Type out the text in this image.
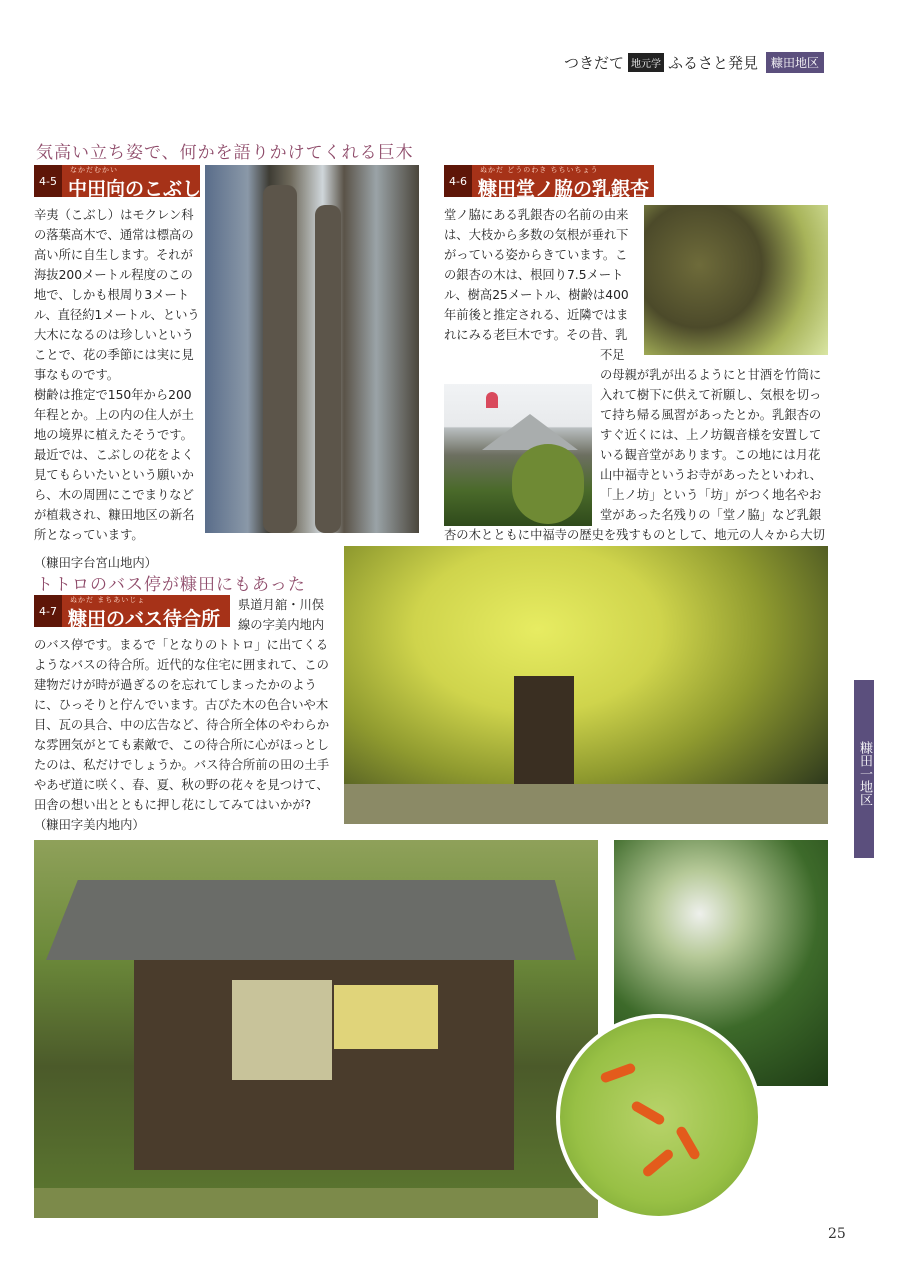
つきだて 地元学 ふるさと発見	糠田地区
気高い立ち姿で、何かを語りかけてくれる巨木
4-5
なかだむかい
中田向のこぶし

辛夷（こぶし）はモクレン科の落葉高木で、通常は標高の高い所に自生します。それが海抜200メートル程度のこの地で、しかも根周り3メートル、直径約1メートル、という大木になるのは珍しいということで、花の季節には実に見事なものです。
樹齢は推定で150年から200年程とか。上の内の住人が土地の境界に植えたそうです。最近では、こぶしの花をよく見てもらいたいという願いから、木の周囲にこでまりなどが植栽され、糠田地区の新名所となっています。

（糠田字台宮山地内）

4-6
ぬかだ どうのわき ちちいちょう
糠田堂ノ脇の乳銀杏

堂ノ脇にある乳銀杏の名前の由来は、大枝から多数の気根が垂れ下がっている姿からきています。この銀杏の木は、根回り7.5メートル、樹高25メートル、樹齢は400年前後と推定される、近隣ではまれにみる老巨木です。その昔、乳不足の母親が乳が出るようにと甘酒を竹筒に入れて樹下に供えて祈願し、気根を切って持ち帰る風習があったとか。乳銀杏のすぐ近くには、上ノ坊観音様を安置している観音堂があります。この地には月花山中福寺というお寺があったといわれ、「上ノ坊」という「坊」がつく地名やお堂があった名残りの「堂ノ脇」など乳銀杏の木とともに中福寺の歴史を残すものとして、地元の人々から大切

トトロのバス停が糠田にもあった
4-7
ぬかだ まちあいじょ
糠田のバス待合所

県道月舘・川俣線の字美内地内のバス停です。まるで「となりのトトロ」に出てくるようなバスの待合所。近代的な住宅に囲まれて、この建物だけが時が過ぎるのを忘れてしまったかのように、ひっそりと佇んでいます。古びた木の色合いや木目、瓦の具合、中の広告など、待合所全体のやわらかな雰囲気がとても素敵で、この待合所に心がほっとしたのは、私だけでしょうか。バス待合所前の田の土手やあぜ道に咲く、春、夏、秋の野の花々を見つけて、田舎の想い出とともに押し花にしてみてはいかが?

（糠田字美内地内）

糠田一地区
25
